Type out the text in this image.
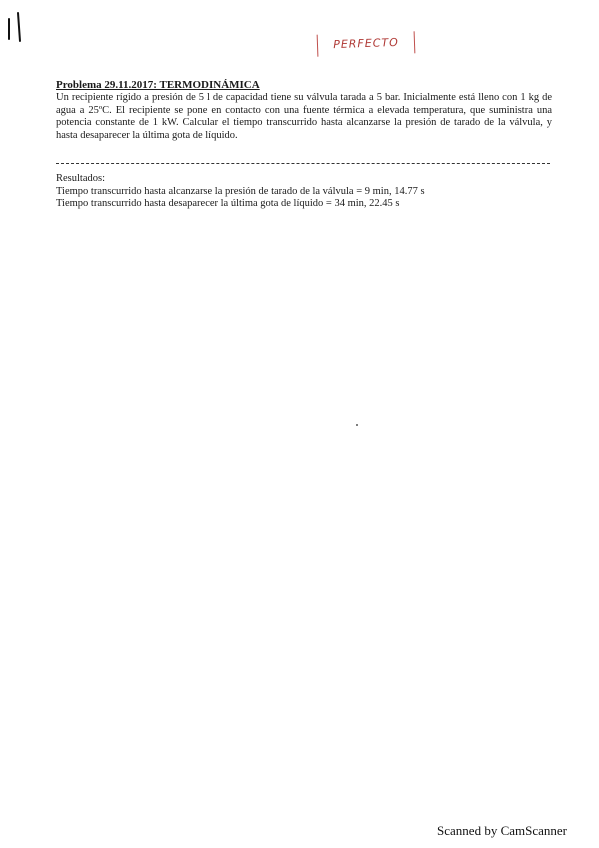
PERFECTO

Problema 29.11.2017: TERMODINÁMICA

Un recipiente rígido a presión de 5 l de capacidad tiene su válvula tarada a 5 bar. Inicialmente está lleno con 1 kg de agua a 25ºC. El recipiente se pone en contacto con una fuente térmica a elevada temperatura, que suministra una potencia constante de 1 kW. Calcular el tiempo transcurrido hasta alcanzarse la presión de tarado de la válvula, y hasta desaparecer la última gota de líquido.

Resultados:
Tiempo transcurrido hasta alcanzarse la presión de tarado de la válvula = 9 min, 14.77 s
Tiempo transcurrido hasta desaparecer la última gota de líquido = 34 min, 22.45 s
Scanned by CamScanner
